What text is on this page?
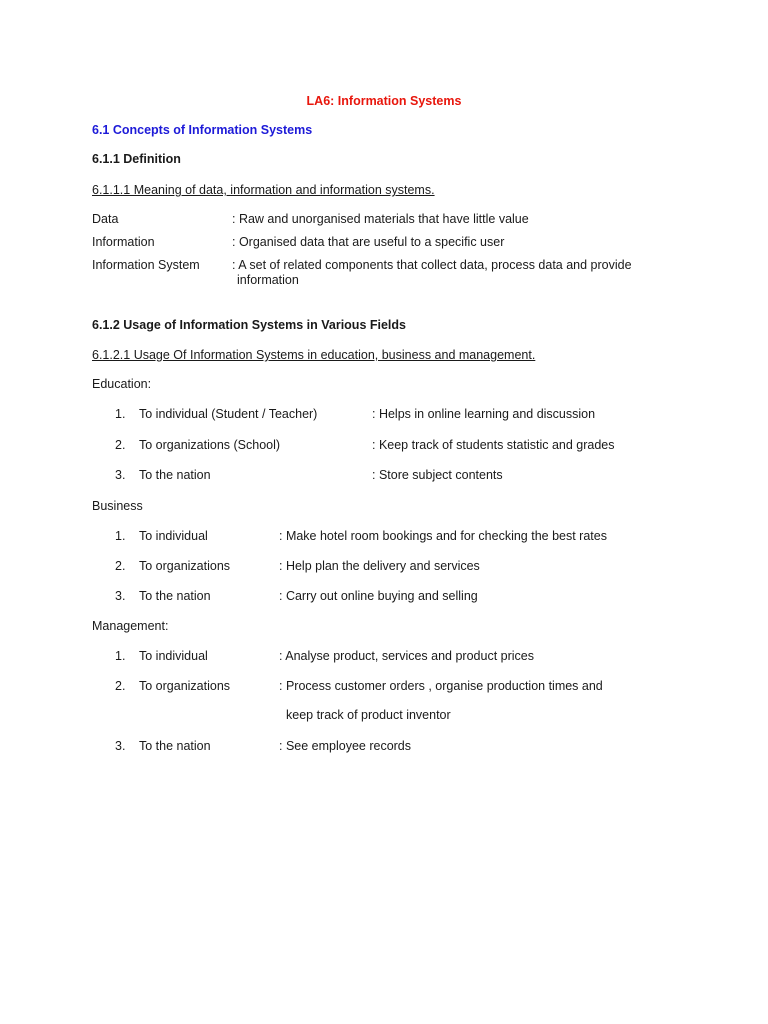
LA6: Information Systems
6.1 Concepts of Information Systems
6.1.1 Definition
6.1.1.1 Meaning of data, information and information systems.
Data	: Raw and unorganised materials that have little value
Information	: Organised data that are useful to a specific user
Information System	: A set of related components that collect data, process data and provide
information
6.1.2 Usage of Information Systems in Various Fields
6.1.2.1 Usage Of Information Systems in education, business and management.
Education:
1. To individual (Student / Teacher)	: Helps in online learning and discussion
2. To organizations (School)	: Keep track of students statistic and grades
3. To the nation	: Store subject contents
Business
1. To individual	: Make hotel room bookings and for checking the best rates
2. To organizations	: Help plan the delivery and services
3. To the nation	: Carry out online buying and selling
Management:
1. To individual	: Analyse product, services and product prices
2. To organizations	: Process customer orders , organise production times and
keep track of product inventor
3. To the nation	: See employee records
